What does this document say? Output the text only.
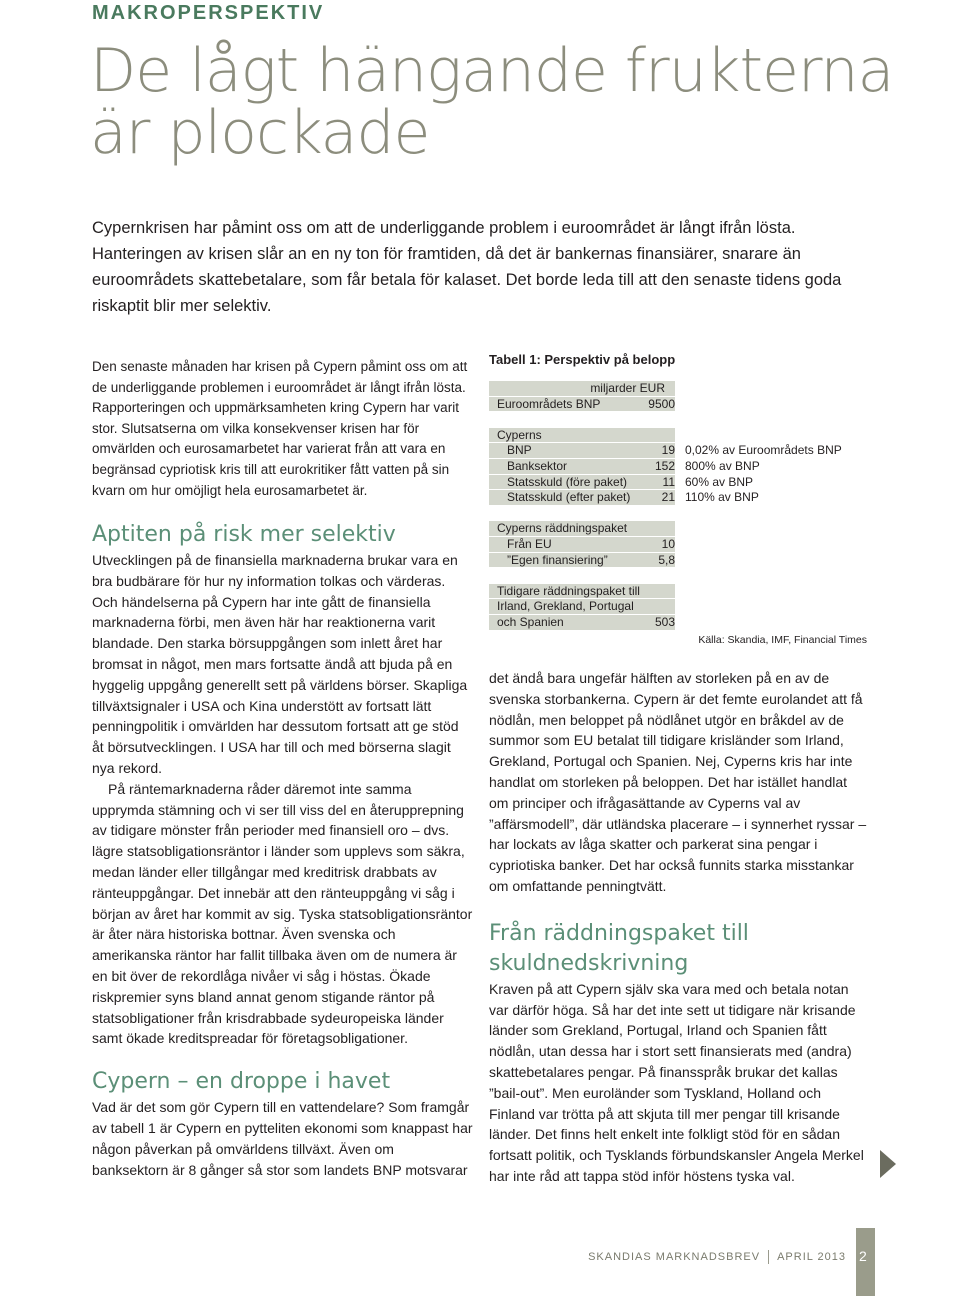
MAKROPERSPEKTIV
De lågt hängande frukterna
är plockade

Cypernkrisen har påmint oss om att de underliggande problem i euroområdet är långt ifrån lösta. Hanteringen av krisen slår an en ny ton för framtiden, då det är bankernas finansiärer, snarare än euroområdets skattebetalare, som får betala för kalaset. Det borde leda till att den senaste tidens goda riskaptit blir mer selektiv.

Den senaste månaden har krisen på Cypern påmint oss om att de underliggande problemen i euroområdet är långt ifrån lösta. Rapporteringen och uppmärksamheten kring Cypern har varit stor. Slutsatserna om vilka konsekvenser krisen har för omvärlden och eurosamarbetet har varierat från att vara en begränsad cypriotisk kris till att eurokritiker fått vatten på sin kvarn om hur omöjligt hela eurosamarbetet är.

Aptiten på risk mer selektiv

Utvecklingen på de finansiella marknaderna brukar vara en bra budbärare för hur ny information tolkas och värderas. Och händelserna på Cypern har inte gått de finansiella marknaderna förbi, men även här har reaktionerna varit blandade. Den starka börsuppgången som inlett året har bromsat in något, men mars fortsatte ändå att bjuda på en hyggelig uppgång generellt sett på världens börser. Skapliga tillväxtsignaler i USA och Kina understött av fortsatt lätt penningpolitik i omvärlden har dessutom fortsatt att ge stöd åt börsutvecklingen. I USA har till och med börserna slagit nya rekord.

På räntemarknaderna råder däremot inte samma upprymda stämning och vi ser till viss del en återupprepning av tidigare mönster från perioder med finansiell oro – dvs. lägre statsobligationsräntor i länder som upplevs som säkra, medan länder eller tillgångar med kreditrisk drabbats av ränteuppgångar. Det innebär att den ränteuppgång vi såg i början av året har kommit av sig. Tyska statsobligationsräntor är åter nära historiska bottnar. Även svenska och amerikanska räntor har fallit tillbaka även om de numera är en bit över de rekordlåga nivåer vi såg i höstas. Ökade riskpremier syns bland annat genom stigande räntor på statsobligationer från krisdrabbade sydeuropeiska länder samt ökade kreditspreadar för företagsobligationer.

Cypern – en droppe i havet

Vad är det som gör Cypern till en vattendelare? Som framgår av tabell 1 är Cypern en pytteliten ekonomi som knappast har någon påverkan på omvärldens tillväxt. Även om banksektorn är 8 gånger så stor som landets BNP motsvarar

Tabell 1: Perspektiv på belopp
miljarder EUR
Euroområdets BNP	9500
Cyperns
BNP	19 0,02% av Euroområdets BNP
Banksektor	152 800% av BNP
Statsskuld (före paket)	11 60% av BNP
Statsskuld (efter paket)	21 110% av BNP
Cyperns räddningspaket
Från EU	10
”Egen finansiering”	5,8
Tidigare räddningspaket till
Irland, Grekland, Portugal
och Spanien	503
Källa: Skandia, IMF, Financial Times

det ändå bara ungefär hälften av storleken på en av de svenska storbankerna. Cypern är det femte eurolandet att få nödlån, men beloppet på nödlånet utgör en bråkdel av de summor som EU betalat till tidigare krisländer som Irland, Grekland, Portugal och Spanien. Nej, Cyperns kris har inte handlat om storleken på beloppen. Det har istället handlat om principer och ifrågasättande av Cyperns val av ”affärsmodell”, där utländska placerare – i synnerhet ryssar – har lockats av låga skatter och parkerat sina pengar i cypriotiska banker. Det har också funnits starka misstankar om omfattande penningtvätt.

Från räddningspaket till skuldnedskrivning

Kraven på att Cypern själv ska vara med och betala notan var därför höga. Så har det inte sett ut tidigare när krisande länder som Grekland, Portugal, Irland och Spanien fått nödlån, utan dessa har i stort sett finansierats med (andra) skattebetalares pengar. På finansspråk brukar det kallas ”bail-out”. Men euroländer som Tyskland, Holland och Finland var trötta på att skjuta till mer pengar till krisande länder. Det finns helt enkelt inte folkligt stöd för en sådan fortsatt politik, och Tysklands förbundskansler Angela Merkel har inte råd att tappa stöd inför höstens tyska val.

SKANDIAS MARKNADSBREV APRIL 2013 2
